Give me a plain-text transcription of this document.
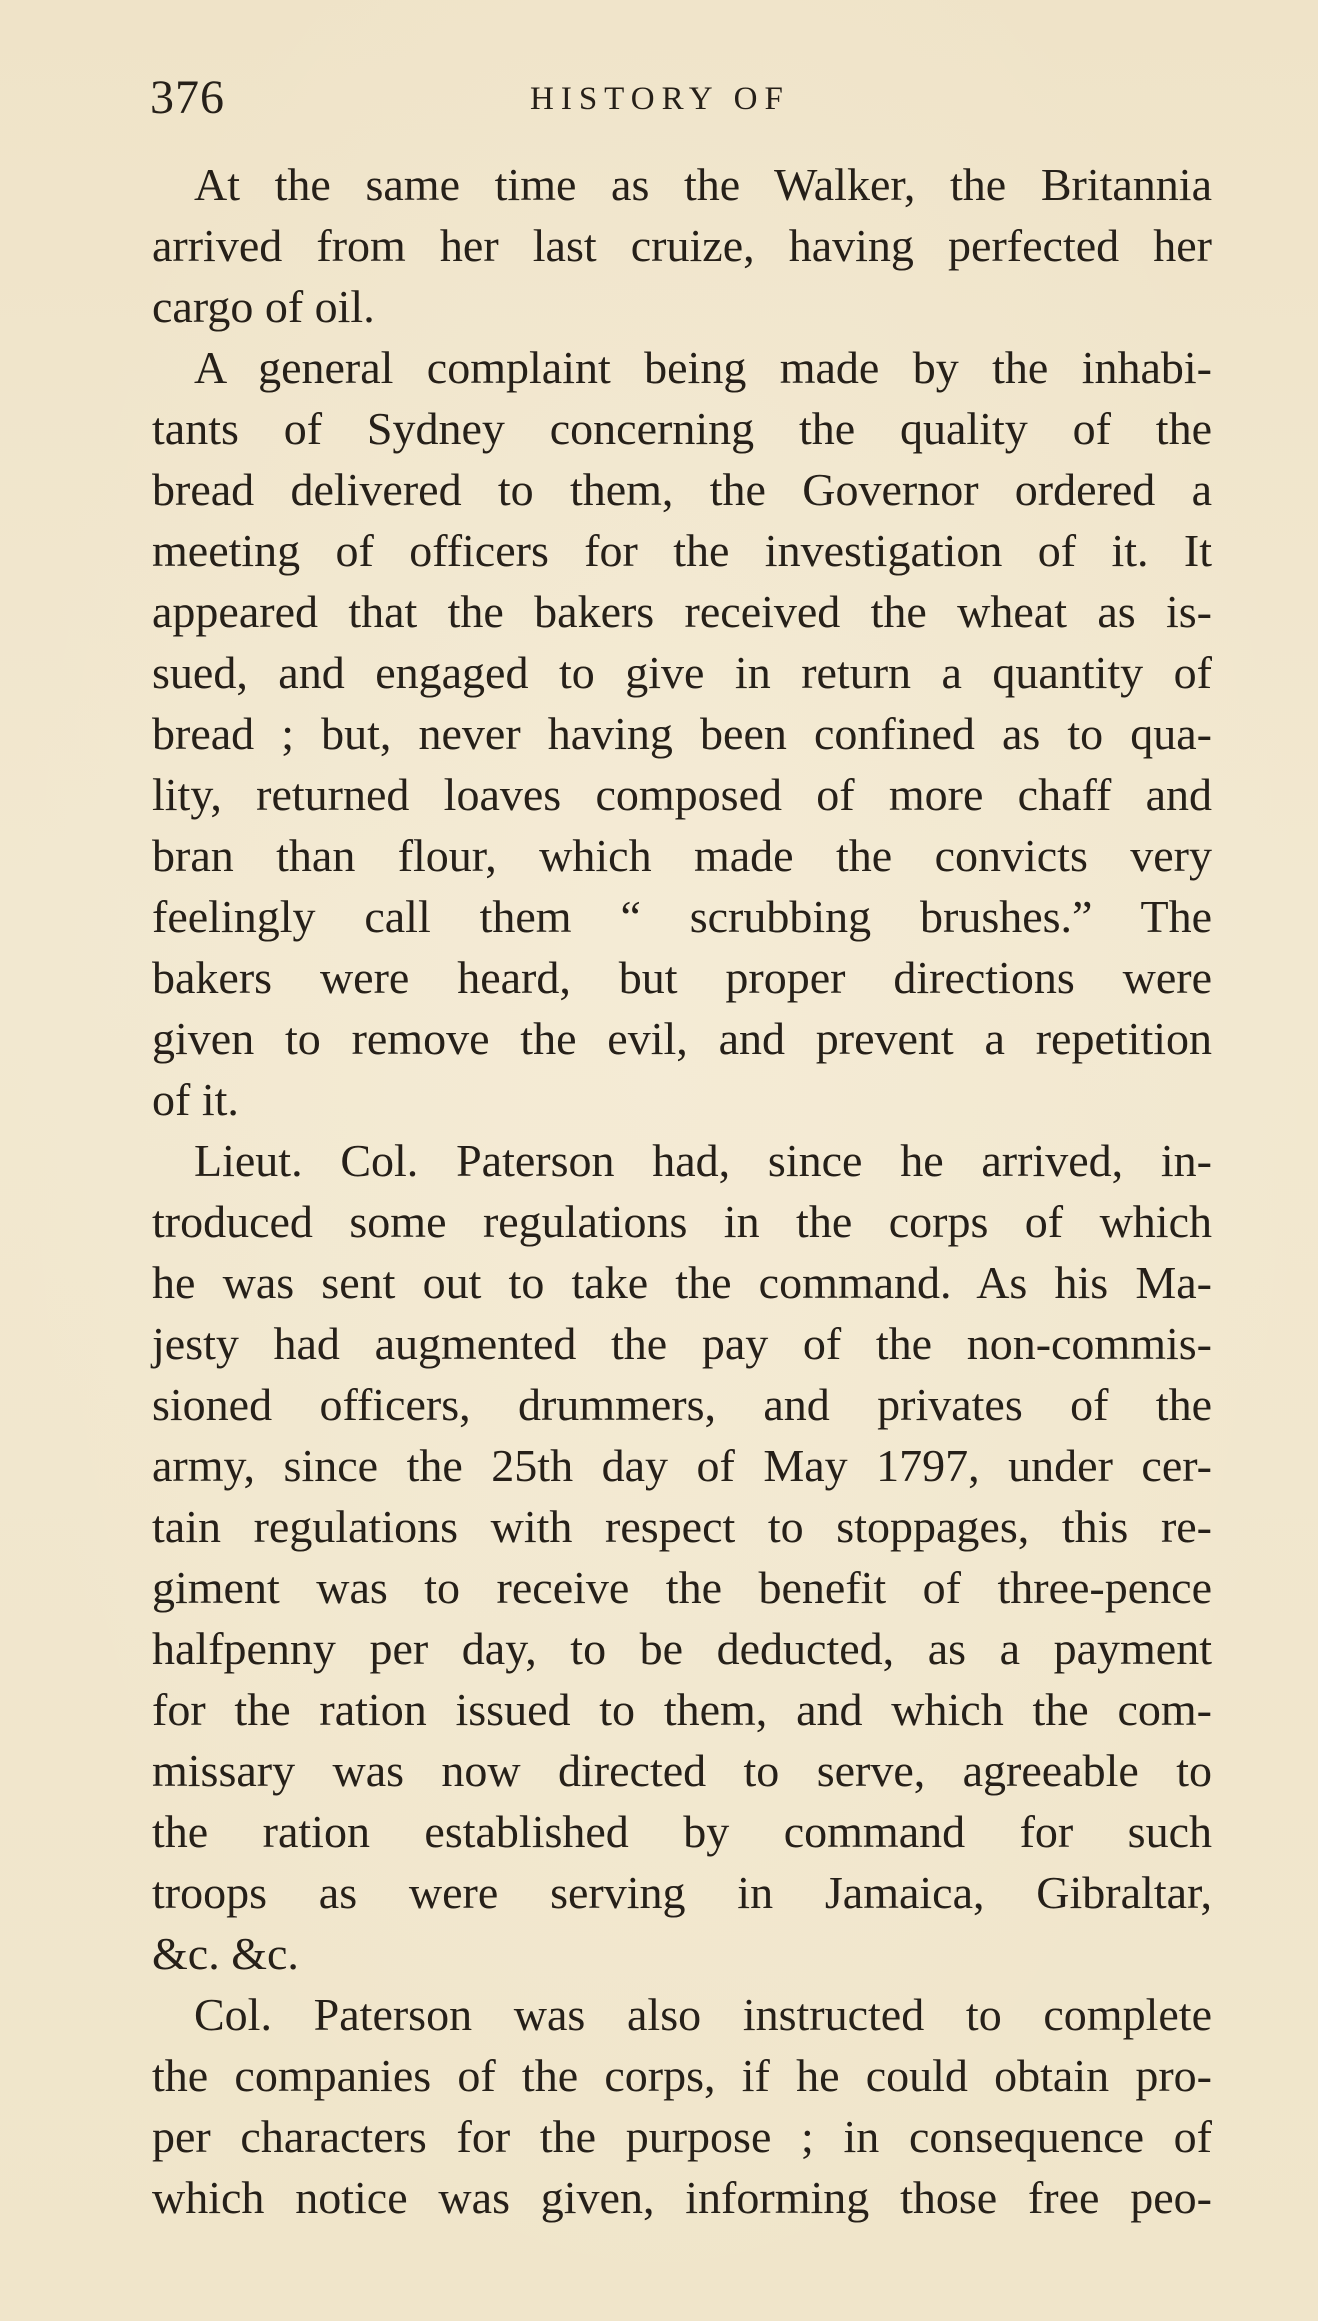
376	HISTORY OF
At the same time as the Walker, the Britannia
arrived from her last cruize, having perfected her
cargo of oil.
A general complaint being made by the inhabi-
tants of Sydney concerning the quality of the
bread delivered to them, the Governor ordered a
meeting of officers for the investigation of it. It
appeared that the bakers received the wheat as is-
sued, and engaged to give in return a quantity of
bread ; but, never having been confined as to qua-
lity, returned loaves composed of more chaff and
bran than flour, which made the convicts very
feelingly call them “ scrubbing brushes.” The
bakers were heard, but proper directions were
given to remove the evil, and prevent a repetition
of it.
Lieut. Col. Paterson had, since he arrived, in-
troduced some regulations in the corps of which
he was sent out to take the command. As his Ma-
jesty had augmented the pay of the non-commis-
sioned officers, drummers, and privates of the
army, since the 25th day of May 1797, under cer-
tain regulations with respect to stoppages, this re-
giment was to receive the benefit of three-pence
halfpenny per day, to be deducted, as a payment
for the ration issued to them, and which the com-
missary was now directed to serve, agreeable to
the ration established by command for such
troops as were serving in Jamaica, Gibraltar,
&c. &c.
Col. Paterson was also instructed to complete
the companies of the corps, if he could obtain pro-
per characters for the purpose ; in consequence of
which notice was given, informing those free peo-
